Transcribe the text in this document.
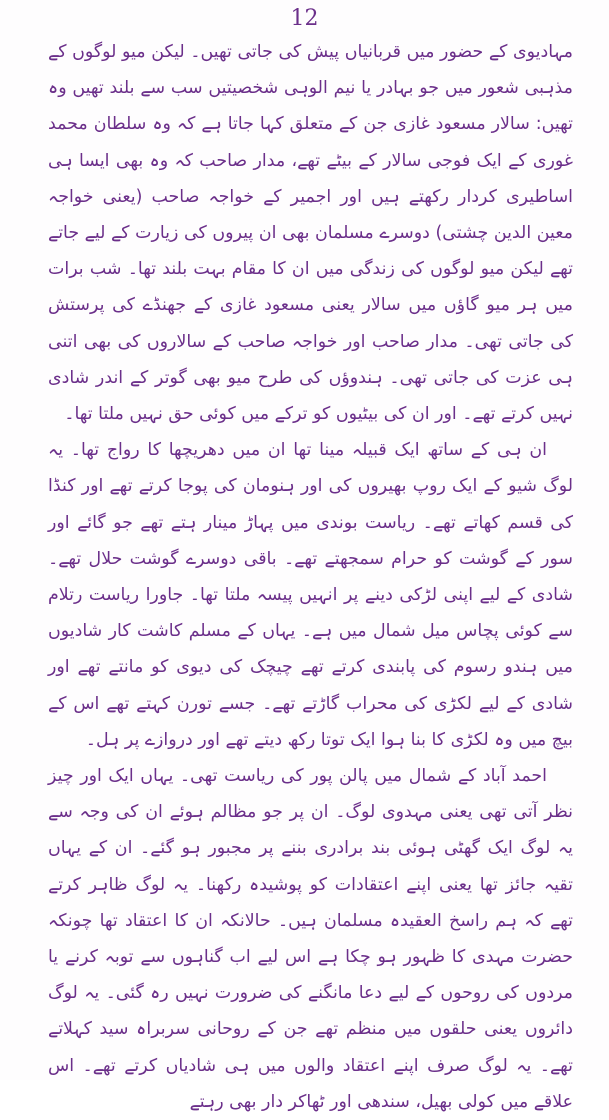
12

مہادیوی کے حضور میں قربانیاں پیش کی جاتی تھیں۔ لیکن میو لوگوں کے مذہبی شعور میں جو بہادر یا نیم الوہی شخصیتیں سب سے بلند تھیں وہ تھیں: سالار مسعود غازی جن کے متعلق کہا جاتا ہے کہ وہ سلطان محمد غوری کے ایک فوجی سالار کے بیٹے تھے، مدار صاحب کہ وہ بھی ایسا ہی اساطیری کردار رکھتے ہیں اور اجمیر کے خواجہ صاحب (یعنی خواجہ معین الدین چشتی) دوسرے مسلمان بھی ان پیروں کی زیارت کے لیے جاتے تھے لیکن میو لوگوں کی زندگی میں ان کا مقام بہت بلند تھا۔ شب برات میں ہر میو گاؤں میں سالار یعنی مسعود غازی کے جھنڈے کی پرستش کی جاتی تھی۔ مدار صاحب اور خواجہ صاحب کے سالاروں کی بھی اتنی ہی عزت کی جاتی تھی۔ ہندوؤں کی طرح میو بھی گوتر کے اندر شادی نہیں کرتے تھے۔ اور ان کی بیٹیوں کو ترکے میں کوئی حق نہیں ملتا تھا۔

ان ہی کے ساتھ ایک قبیلہ مینا تھا ان میں دھریچھا کا رواج تھا۔ یہ لوگ شیو کے ایک روپ بھیروں کی اور ہنومان کی پوجا کرتے تھے اور کنڈا کی قسم کھاتے تھے۔ ریاست بوندی میں پہاڑ مینار ہتے تھے جو گائے اور سور کے گوشت کو حرام سمجھتے تھے۔ باقی دوسرے گوشت حلال تھے۔ شادی کے لیے اپنی لڑکی دینے پر انہیں پیسہ ملتا تھا۔ جاورا ریاست رتلام سے کوئی پچاس میل شمال میں ہے۔ یہاں کے مسلم کاشت کار شادیوں میں ہندو رسوم کی پابندی کرتے تھے چیچک کی دیوی کو مانتے تھے اور شادی کے لیے لکڑی کی محراب گاڑتے تھے۔ جسے تورن کہتے تھے اس کے بیچ میں وہ لکڑی کا بنا ہوا ایک توتا رکھ دیتے تھے اور دروازے پر ہل۔

احمد آباد کے شمال میں پالن پور کی ریاست تھی۔ یہاں ایک اور چیز نظر آتی تھی یعنی مہدوی لوگ۔ ان پر جو مظالم ہوئے ان کی وجہ سے یہ لوگ ایک گھٹی ہوئی بند برادری بننے پر مجبور ہو گئے۔ ان کے یہاں تقیہ جائز تھا یعنی اپنے اعتقادات کو پوشیدہ رکھنا۔ یہ لوگ ظاہر کرتے تھے کہ ہم راسخ العقیدہ مسلمان ہیں۔ حالانکہ ان کا اعتقاد تھا چونکہ حضرت مہدی کا ظہور ہو چکا ہے اس لیے اب گناہوں سے توبہ کرنے یا مردوں کی روحوں کے لیے دعا مانگنے کی ضرورت نہیں رہ گئی۔ یہ لوگ دائروں یعنی حلقوں میں منظم تھے جن کے روحانی سربراہ سید کہلاتے تھے۔ یہ لوگ صرف اپنے اعتقاد والوں میں ہی شادیاں کرتے تھے۔ اس علاقے میں کولی بھیل، سندھی اور ٹھاکر دار بھی رہتے
